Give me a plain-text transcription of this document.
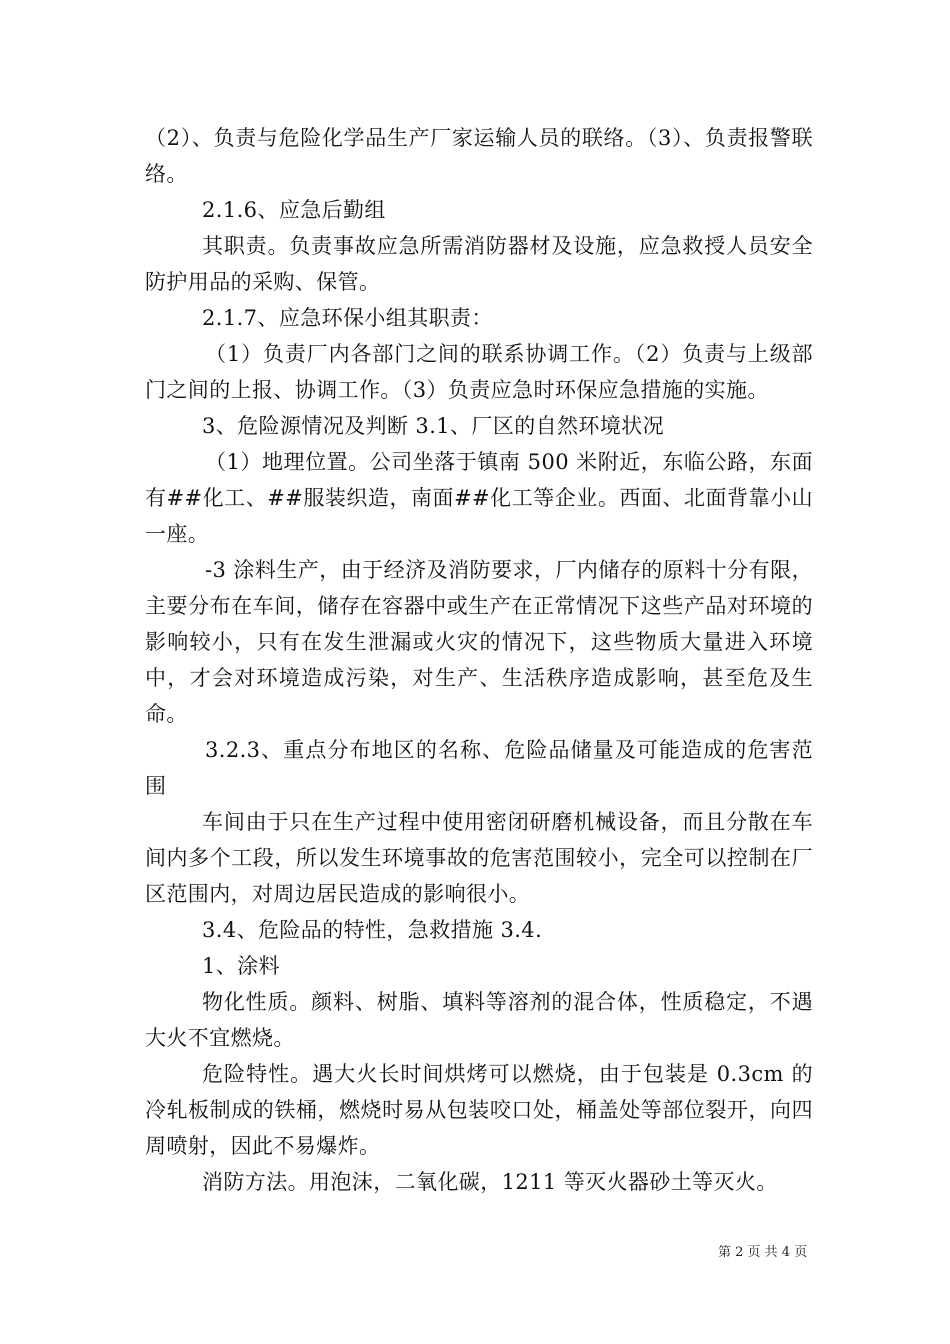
（2）、负责与危险化学品生产厂家运输人员的联络。（3）、负责报警联络。

2.1.6、应急后勤组

其职责。负责事故应急所需消防器材及设施，应急救授人员安全防护用品的采购、保管。

2.1.7、应急环保小组其职责：

（1）负责厂内各部门之间的联系协调工作。（2）负责与上级部门之间的上报、协调工作。（3）负责应急时环保应急措施的实施。

3、危险源情况及判断 3.1、厂区的自然环境状况

（1）地理位置。公司坐落于镇南 500 米附近，东临公路，东面有##化工、##服装织造，南面##化工等企业。西面、北面背靠小山一座。

-3 涂料生产，由于经济及消防要求，厂内储存的原料十分有限，主要分布在车间，储存在容器中或生产在正常情况下这些产品对环境的影响较小，只有在发生泄漏或火灾的情况下，这些物质大量进入环境中，才会对环境造成污染，对生产、生活秩序造成影响，甚至危及生命。

3.2.3、重点分布地区的名称、危险品储量及可能造成的危害范围

车间由于只在生产过程中使用密闭研磨机械设备，而且分散在车间内多个工段，所以发生环境事故的危害范围较小，完全可以控制在厂区范围内，对周边居民造成的影响很小。

3.4、危险品的特性，急救措施 3.4.

1、涂料

物化性质。颜料、树脂、填料等溶剂的混合体，性质稳定，不遇大火不宜燃烧。

危险特性。遇大火长时间烘烤可以燃烧，由于包装是 0.3cm 的冷轧板制成的铁桶，燃烧时易从包装咬口处，桶盖处等部位裂开，向四周喷射，因此不易爆炸。

消防方法。用泡沫，二氧化碳，1211 等灭火器砂土等灭火。

第 2 页 共 4 页
